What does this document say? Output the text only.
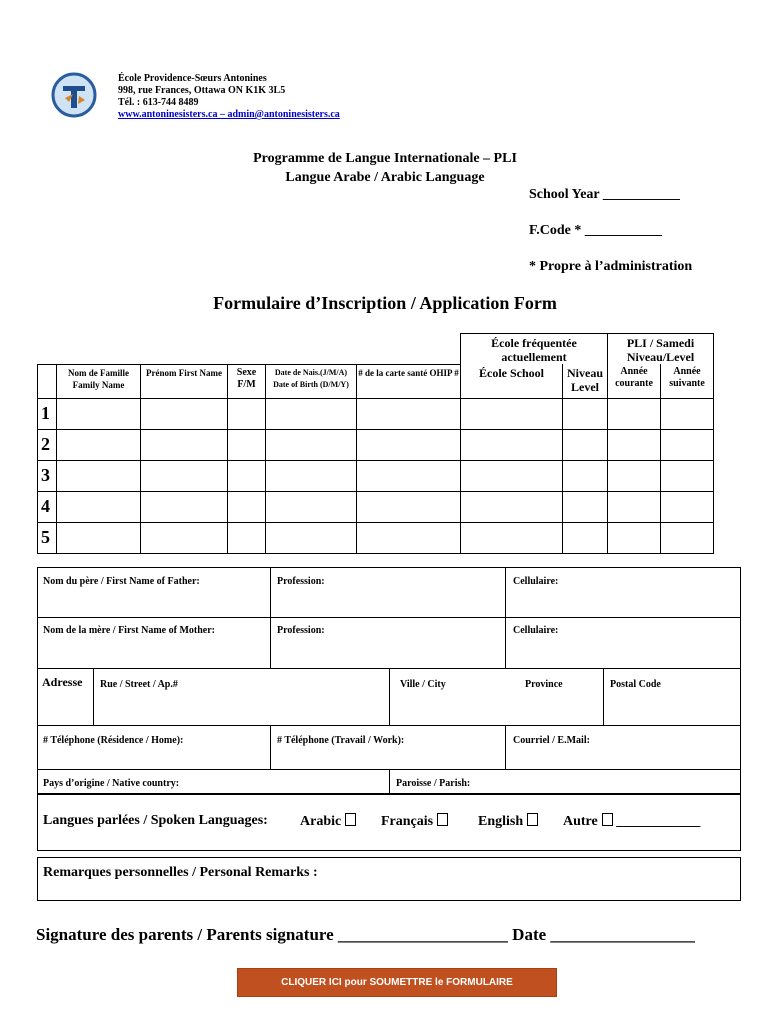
École Providence-Sœurs Antonines
998, rue Frances, Ottawa ON K1K 3L5
Tél. : 613-744 8489
www.antoninesisters.ca – admin@antoninesisters.ca
Programme de Langue Internationale – PLI
Langue Arabe / Arabic Language
School Year ___________
F.Code * ___________
* Propre à l’administration
Formulaire d’Inscription / Application Form
						École fréquentée actuellement		PLI / Samedi Niveau/Level	
	Nom de Famille Family Name	Prénom First Name	Sexe F/M	Date de Nais.(J/M/A) Date of Birth (D/M/Y)	# de la carte santé OHIP #	École School	Niveau Level	Année courante	Année suivante
1									
2									
3									
4									
5									
Nom du père / First Name of Father:	Profession:	Cellulaire:
Nom de la mère / First Name of Mother:	Profession:	Cellulaire:
Adresse Rue / Street / Ap.#	Ville / City	Province	Postal Code
# Téléphone (Résidence / Home):	# Téléphone (Travail / Work):	Courriel / E.Mail:
Pays d’origine / Native country:	Paroisse / Parish:
Langues parlées / Spoken Languages: Arabic	Français	English	Autre ____________
Remarques personnelles / Personal Remarks :
Signature des parents / Parents signature ____________________ Date _________________
CLIQUER ICI pour SOUMETTRE le FORMULAIRE
